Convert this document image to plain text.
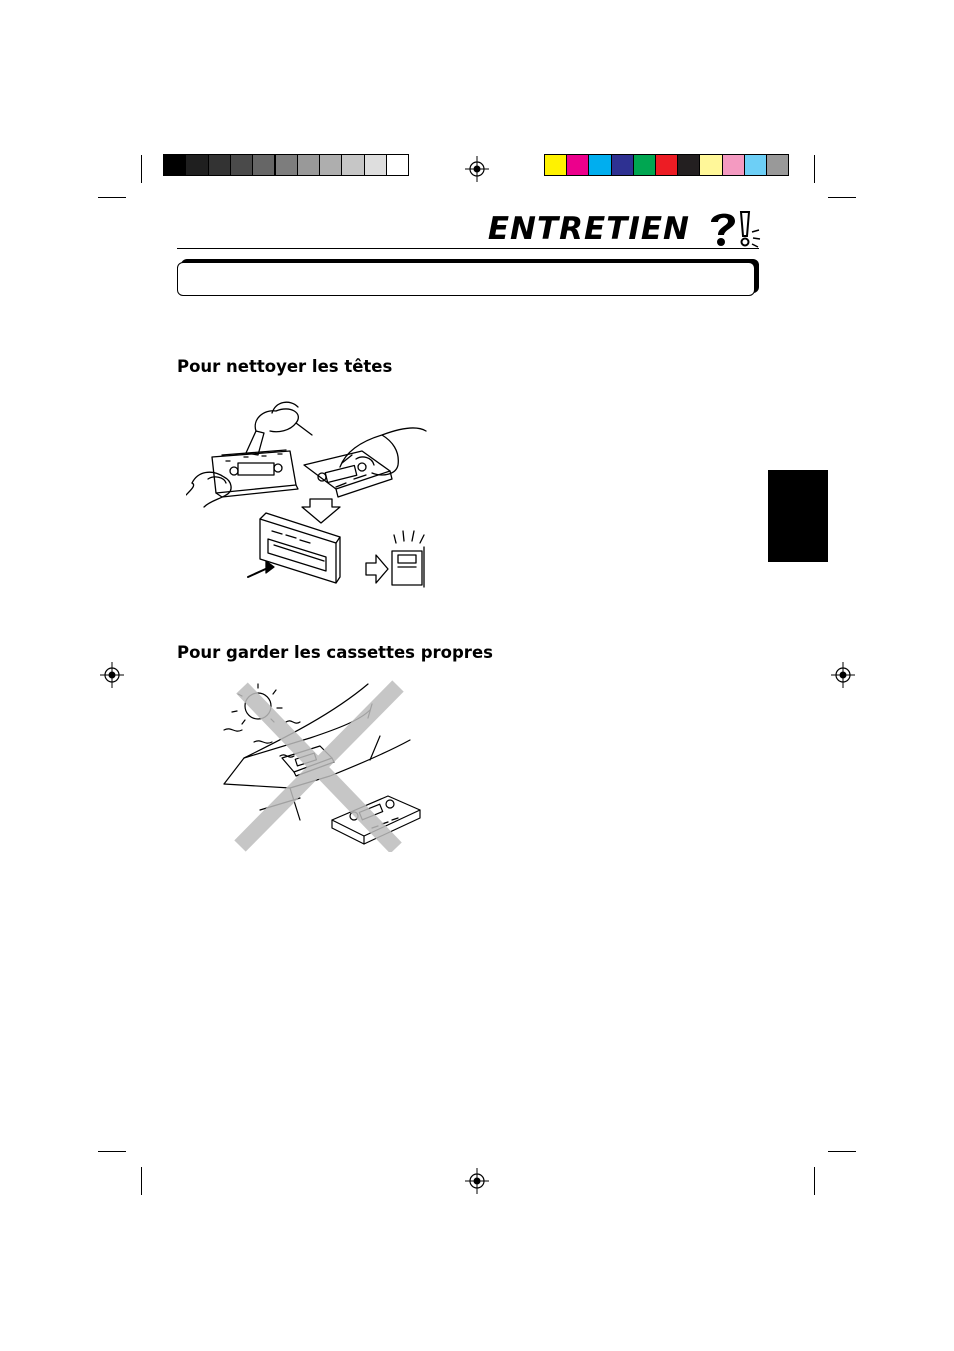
ENTRETIEN
Pour nettoyer les têtes
Pour garder les cassettes propres
